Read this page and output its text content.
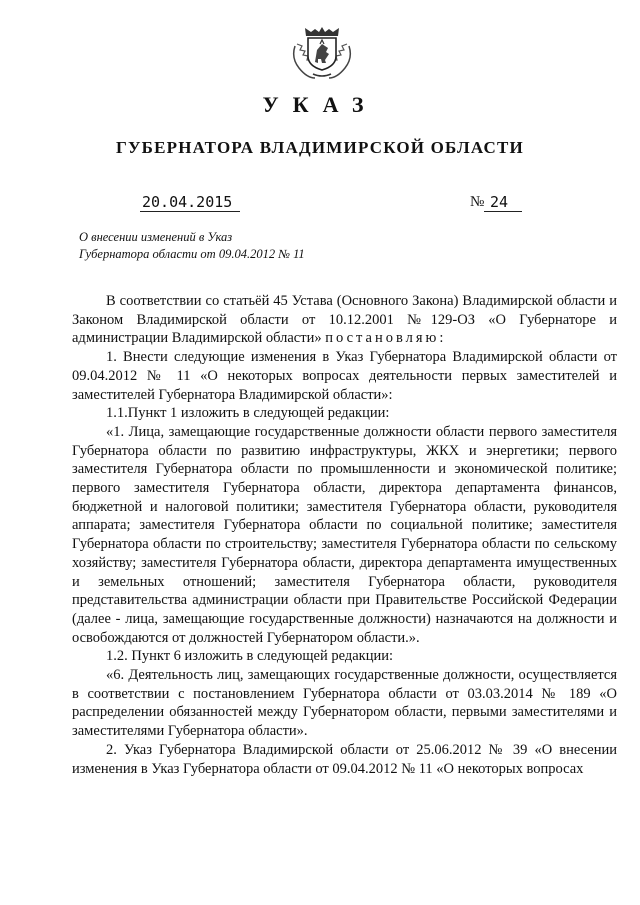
УКАЗ
ГУБЕРНАТОРА ВЛАДИМИРСКОЙ ОБЛАСТИ
20.04.2015	№ 24
О внесении изменений в Указ
Губернатора области от 09.04.2012 № 11

В соответствии со статьёй 45 Устава (Основного Закона) Владимирской области и Законом Владимирской области от 10.12.2001 №129-ОЗ «О Губернаторе и администрации Владимирской области» постановляю:

1. Внести следующие изменения в Указ Губернатора Владимирской области от 09.04.2012 № 11 «О некоторых вопросах деятельности первых заместителей и заместителей Губернатора Владимирской области»:

1.1.Пункт 1 изложить в следующей редакции:

«1. Лица, замещающие государственные должности области первого заместителя Губернатора области по развитию инфраструктуры, ЖКХ и энергетики; первого заместителя Губернатора области по промышленности и экономической политике; первого заместителя Губернатора области, директора департамента финансов, бюджетной и налоговой политики; заместителя Губернатора области, руководителя аппарата; заместителя Губернатора области по социальной политике; заместителя Губернатора области по строительству; заместителя Губернатора области по сельскому хозяйству; заместителя Губернатора области, директора департамента имущественных и земельных отношений; заместителя Губернатора области, руководителя представительства администрации области при Правительстве Российской Федерации (далее - лица, замещающие государственные должности) назначаются на должности и освобождаются от должностей Губернатором области.».

1.2. Пункт 6 изложить в следующей редакции:

«6. Деятельность лиц, замещающих государственные должности, осуществляется в соответствии с постановлением Губернатора области от 03.03.2014 № 189 «О распределении обязанностей между Губернатором области, первыми заместителями и заместителями Губернатора области».

2. Указ Губернатора Владимирской области от 25.06.2012 № 39 «О внесении изменения в Указ Губернатора области от 09.04.2012 № 11 «О некоторых вопросах
